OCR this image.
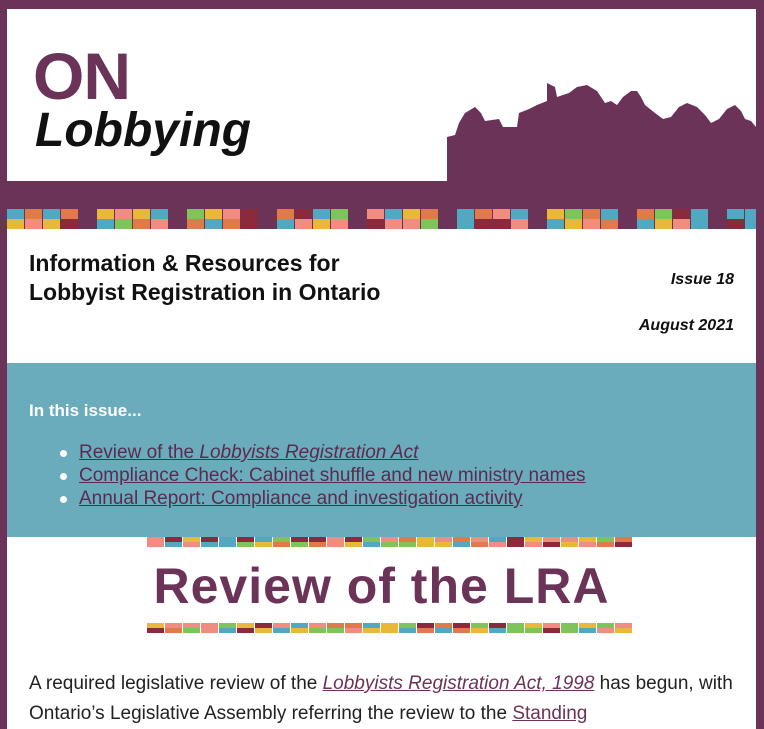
ON
Lobbying
Information & Resources for Lobbyist Registration in Ontario	Issue 18
August 2021
In this issue...
Review of the Lobbyists Registration Act
Compliance Check: Cabinet shuffle and new ministry names
Annual Report: Compliance and investigation activity
Review of the LRA
A required legislative review of the Lobbyists Registration Act, 1998 has begun, with Ontario’s Legislative Assembly referring the review to the Standing
